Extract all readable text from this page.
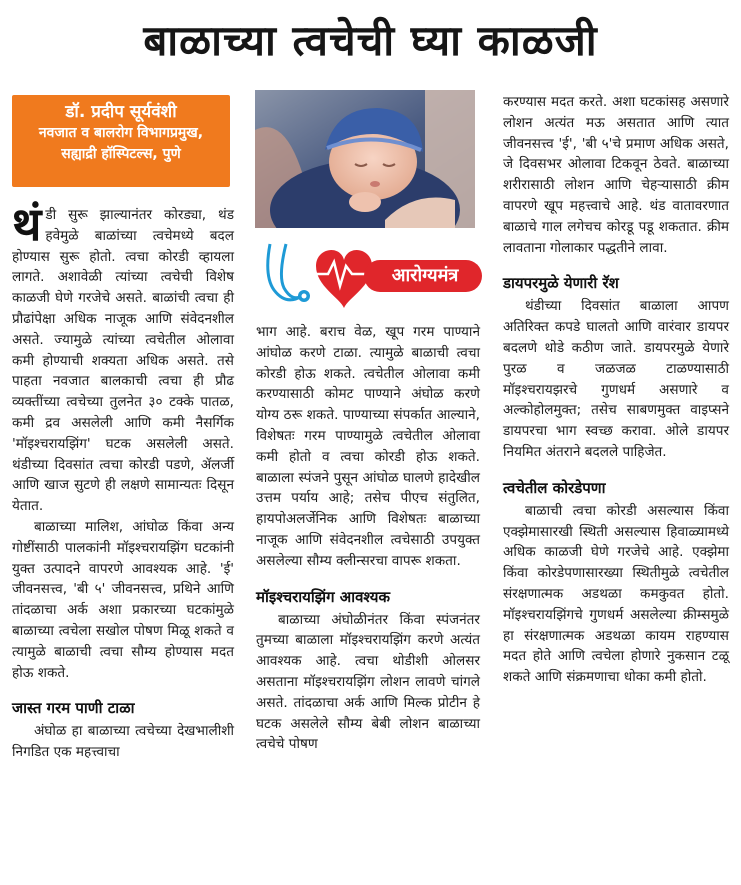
बाळाच्या त्वचेची घ्या काळजी
डॉ. प्रदीप सूर्यवंशी
नवजात व बालरोग विभागप्रमुख,
सह्याद्री हॉस्पिटल्स, पुणे
आरोग्यमंत्र

थंडी सुरू झाल्यानंतर कोरड्या, थंड हवेमुळे बाळांच्या त्वचेमध्ये बदल होण्यास सुरू होतो. त्वचा कोरडी व्हायला लागते. अशावेळी त्यांच्या त्वचेची विशेष काळजी घेणे गरजेचे असते. बाळांची त्वचा ही प्रौढांपेक्षा अधिक नाजूक आणि संवेदनशील असते. ज्यामुळे त्यांच्या त्वचेतील ओलावा कमी होण्याची शक्यता अधिक असते. तसे पाहता नवजात बालकाची त्वचा ही प्रौढ व्यक्तींच्या त्वचेच्या तुलनेत ३० टक्के पातळ, कमी द्रव असलेली आणि कमी नैसर्गिक 'मॉइश्चरायझिंग' घटक असलेली असते. थंडीच्या दिवसांत त्वचा कोरडी पडणे, ॲलर्जी आणि खाज सुटणे ही लक्षणे सामान्यतः दिसून येतात.

बाळाच्या मालिश, आंघोळ किंवा अन्य गोष्टींसाठी पालकांनी मॉइश्चरायझिंग घटकांनी युक्त उत्पादने वापरणे आवश्यक आहे. 'ई' जीवनसत्त्व, 'बी ५' जीवनसत्त्व, प्रथिने आणि तांदळाचा अर्क अशा प्रकारच्या घटकांमुळे बाळाच्या त्वचेला सखोल पोषण मिळू शकते व त्यामुळे बाळाची त्वचा सौम्य होण्यास मदत होऊ शकते.

जास्त गरम पाणी टाळा

अंघोळ हा बाळाच्या त्वचेच्या देखभालीशी निगडित एक महत्त्वाचा

भाग आहे. बराच वेळ, खूप गरम पाण्याने आंघोळ करणे टाळा. त्यामुळे बाळाची त्वचा कोरडी होऊ शकते. त्वचेतील ओलावा कमी करण्यासाठी कोमट पाण्याने अंघोळ करणे योग्य ठरू शकते. पाण्याच्या संपर्कात आल्याने, विशेषतः गरम पाण्यामुळे त्वचेतील ओलावा कमी होतो व त्वचा कोरडी होऊ शकते. बाळाला स्पंजने पुसून आंघोळ घालणे हादेखील उत्तम पर्याय आहे; तसेच पीएच संतुलित, हायपोअलर्जेनिक आणि विशेषतः बाळाच्या नाजूक आणि संवेदनशील त्वचेसाठी उपयुक्त असलेल्या सौम्य क्लीन्सरचा वापरू शकता.

मॉइश्चरायझिंग आवश्यक

बाळाच्या अंघोळीनंतर किंवा स्पंजनंतर तुमच्या बाळाला मॉइश्चरायझिंग करणे अत्यंत आवश्यक आहे. त्वचा थोडीशी ओलसर असताना मॉइश्चरायझिंग लोशन लावणे चांगले असते. तांदळाचा अर्क आणि मिल्क प्रोटीन हे घटक असलेले सौम्य बेबी लोशन बाळाच्या त्वचेचे पोषण

करण्यास मदत करते. अशा घटकांसह असणारे लोशन अत्यंत मऊ असतात आणि त्यात जीवनसत्त्व 'ई', 'बी ५'चे प्रमाण अधिक असते, जे दिवसभर ओलावा टिकवून ठेवते. बाळाच्या शरीरासाठी लोशन आणि चेहऱ्यासाठी क्रीम वापरणे खूप महत्त्वाचे आहे. थंड वातावरणात बाळाचे गाल लगेचच कोरडू पडू शकतात. क्रीम लावताना गोलाकार पद्धतीने लावा.

डायपरमुळे येणारी रॅश

थंडीच्या दिवसांत बाळाला आपण अतिरिक्त कपडे घालतो आणि वारंवार डायपर बदलणे थोडे कठीण जाते. डायपरमुळे येणारे पुरळ व जळजळ टाळण्यासाठी मॉइश्चरायझरचे गुणधर्म असणारे व अल्कोहोलमुक्त; तसेच साबणमुक्त वाइप्सने डायपरचा भाग स्वच्छ करावा. ओले डायपर नियमित अंतराने बदलले पाहिजेत.

त्वचेतील कोरडेपणा

बाळाची त्वचा कोरडी असल्यास किंवा एक्झेमासारखी स्थिती असल्यास हिवाळ्यामध्ये अधिक काळजी घेणे गरजेचे आहे. एक्झेमा किंवा कोरडेपणासारख्या स्थितीमुळे त्वचेतील संरक्षणात्मक अडथळा कमकुवत होतो. मॉइश्चरायझिंगचे गुणधर्म असलेल्या क्रीम्समुळे हा संरक्षणात्मक अडथळा कायम राहण्यास मदत होते आणि त्वचेला होणारे नुकसान टळू शकते आणि संक्रमणाचा धोका कमी होतो.
